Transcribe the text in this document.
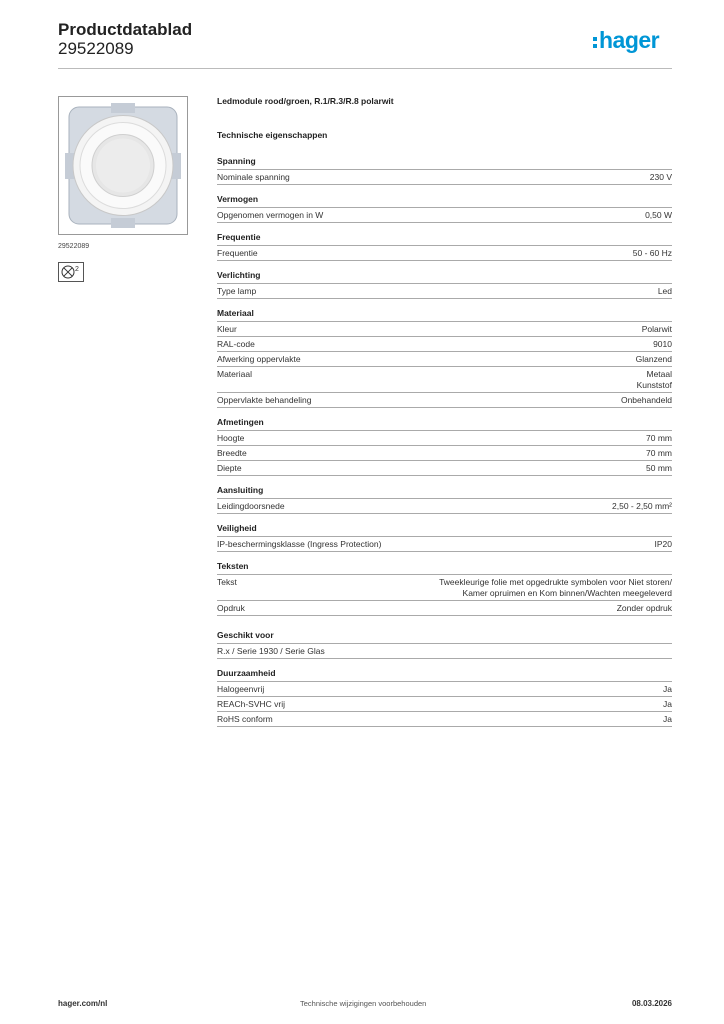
Productdatablad
29522089	hager
29522089
2
Ledmodule rood/groen, R.1/R.3/R.8 polarwit
Technische eigenschappen
Spanning
Nominale spanning	230 V
Vermogen
Opgenomen vermogen in W	0,50 W
Frequentie
Frequentie	50 - 60 Hz
Verlichting
Type lamp	Led
Materiaal
Kleur	Polarwit
RAL-code	9010
Afwerking oppervlakte	Glanzend
Materiaal	Metaal
Kunststof
Oppervlakte behandeling	Onbehandeld
Afmetingen
Hoogte	70 mm
Breedte	70 mm
Diepte	50 mm
Aansluiting
Leidingdoorsnede	2,50 - 2,50 mm²
Veiligheid
IP-beschermingsklasse (Ingress Protection)	IP20
Teksten
Tekst	Tweekleurige folie met opgedrukte symbolen voor Niet storen/
Kamer opruimen en Kom binnen/Wachten meegeleverd
Opdruk	Zonder opdruk
Geschikt voor
R.x / Serie 1930 / Serie Glas
Duurzaamheid
Halogeenvrij	Ja
REACh-SVHC vrij	Ja
RoHS conform	Ja
hager.com/nl	Technische wijzigingen voorbehouden	08.03.2026
